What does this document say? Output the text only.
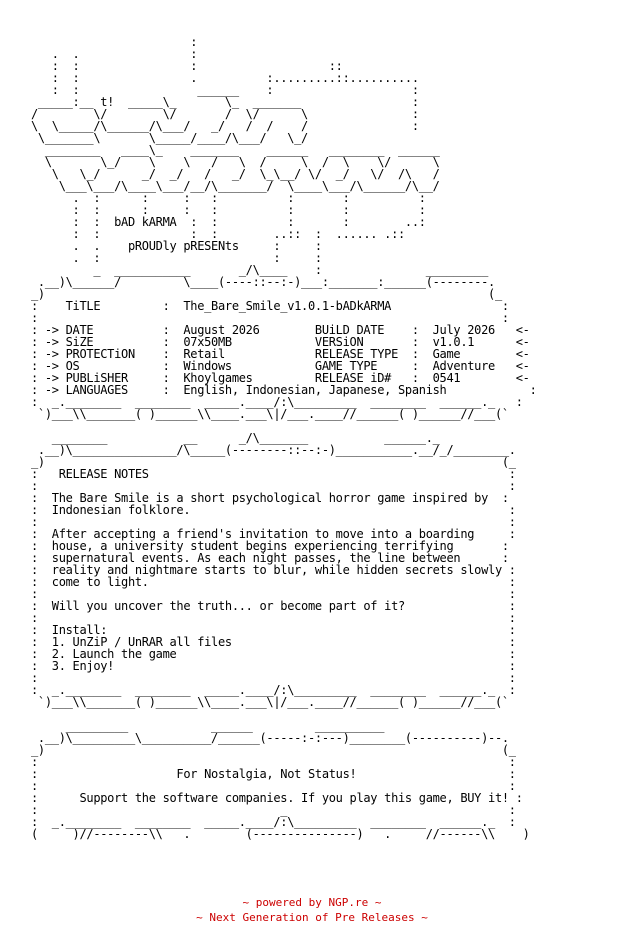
:
.  .                :
:  :                :                   ::
:  :                .          :.........::..........
:  :                 ______    :                    :
_____:__ t!  _____\_       \_  _______                :
/        \/        \/       /  \/      \               :
\  \_____/\______/\___/   _/   /  /    /               :
\_______\       \_____/____/\___/   \_/
________   ____\_    _______    ______   ________  ______
\       \_/    \    \   /   \  /     \  /  \    \/      \
\   \_/      _/  _/   /   _/  \_\__/ \/  _/   \/  /\   /
\___\___/\____\___/__/\_______/  \____\___/\______/\__/
.  :      :     :   :          :       :          :
:  :      :     :   :          :       :          :
:  :  bAD kARMA  :  :          :       :        ..:
:  :             :  :        ..::  :  ...... .::
.  .    pROUDly pRESENts     :     :
.  :                         :     :
_  ___________       _/\____    :               _________
.__)\______/         \____(----::--:-)___:_______:______(--------.
_)                                                                (_
:    TiTLE         :  The_Bare_Smile_v1.0.1-bADkARMA                :
:                                                                   :
: -> DATE          :  August 2026        BUiLD DATE    :  July 2026   <-
: -> SiZE          :  07x50MB            VERSiON       :  v1.0.1      <-
: -> PROTECTiON    :  Retail             RELEASE TYPE  :  Game        <-
: -> OS            :  Windows            GAME TYPE     :  Adventure   <-
: -> PUBLiSHER     :  Khoylgames         RELEASE iD#   :  0541        <-
: -> LANGUAGES     :  English, Indonesian, Japanese, Spanish            :
:  _.________  ________  _____.____/:\_________  ________  ______._   :
`)___\\_______( )______\\____.___\|/___.____//______( )______//___(`

________           __      _/\_______           ______._
.__)\_______________/\_____(--------::--:-)___________.__/_/________.
_)                                                                  (_
:   RELEASE NOTES                                                    :
:                                                                    :
:  The Bare Smile is a short psychological horror game inspired by  :
:  Indonesian folklore.                                              :
:                                                                    :
:  After accepting a friend's invitation to move into a boarding     :
:  house, a university student begins experiencing terrifying       :
:  supernatural events. As each night passes, the line between      :
:  reality and nightmare starts to blur, while hidden secrets slowly :
:  come to light.                                                    :
:                                                                    :
:  Will you uncover the truth... or become part of it?               :
:                                                                    :
:  Install:                                                          :
:  1. UnZiP / UnRAR all files                                        :
:  2. Launch the game                                                :
:  3. Enjoy!                                                         :
:                                                                    :
:  _.________  ________  _____.____/:\_________  ________  ______._  :
`)___\\_______( )______\\____.___\|/___.____//______( )______//___(`

_________            ______         __________
.__)\_________\__________/______(-----:-:---)________(----------)--.
_)                                                                  (_
:                                                                    :
:                    For Nostalgia, Not Status!                      :
:                                                                    :
:      Support the software companies. If you play this game, BUY it! :
:                                   _                                :
:  _.________  ________  _____.____/:\_________  ________  ______._  :
(_____)//--------\\___.________(---------------)___._____//------\\____)
~ powered by NGP.re ~
~ Next Generation of Pre Releases ~
